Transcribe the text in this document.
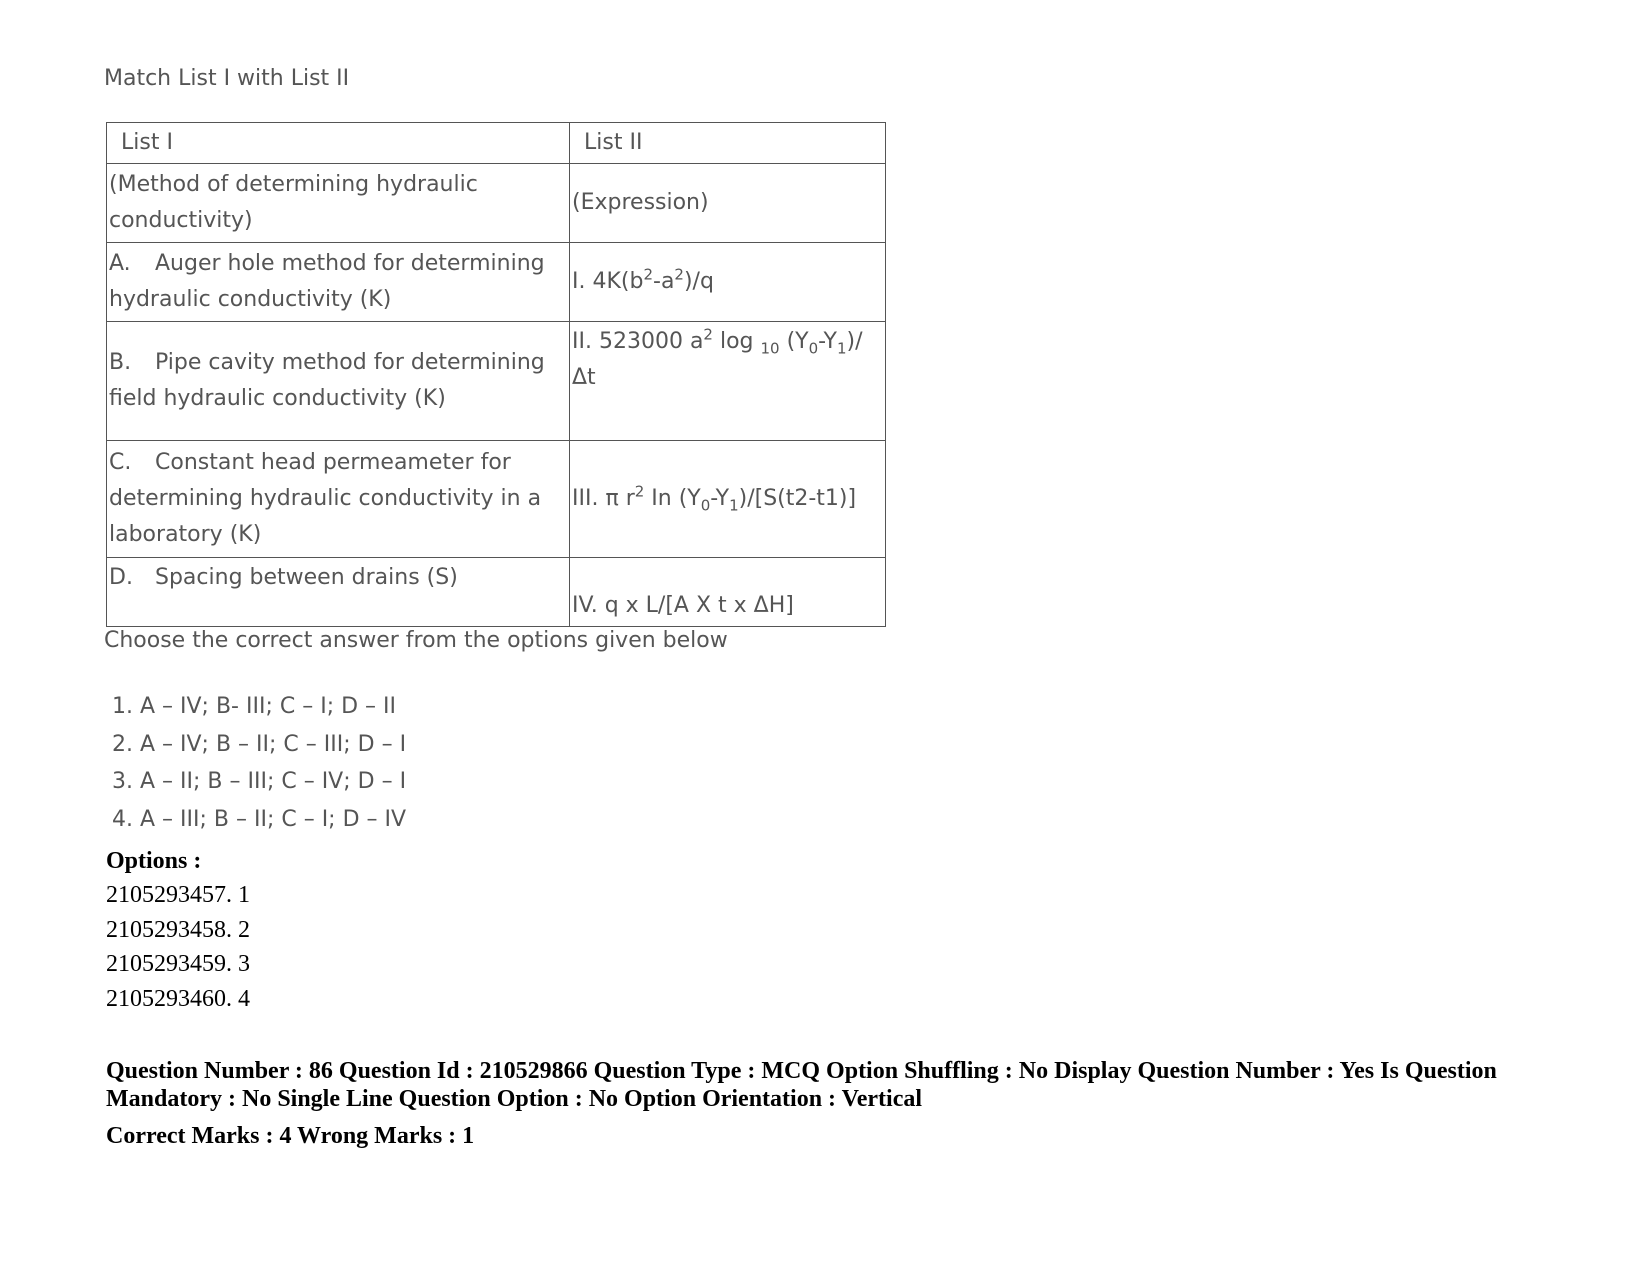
Match List I with List II
List I	List II
(Method of determining hydraulic conductivity)	(Expression)
A. Auger hole method for determining hydraulic conductivity (K)	I. $4K(b^2-a^2)/q$
B. Pipe cavity method for determining field hydraulic conductivity (K)	II. 523000 $a^2$ log $_{10}$ $(Y_0-Y_1)/\Delta t$
C. Constant head permeameter for determining hydraulic conductivity in a laboratory (K)	III. π $r^2$ In $(Y_0-Y_1)/[S(t2-t1)]$
D. Spacing between drains (S)	IV. q x L/[A X t x ΔH]
Choose the correct answer from the options given below
1. A – IV; B- III; C – I; D – II
2. A – IV; B – II; C – III; D – I
3. A – II; B – III; C – IV; D – I
4. A – III; B – II; C – I; D – IV
Options :
2105293457. 1
2105293458. 2
2105293459. 3
2105293460. 4
Question Number : 86 Question Id : 210529866 Question Type : MCQ Option Shuffling : No Display Question Number : Yes Is Question Mandatory : No Single Line Question Option : No Option Orientation : Vertical
Correct Marks : 4 Wrong Marks : 1
